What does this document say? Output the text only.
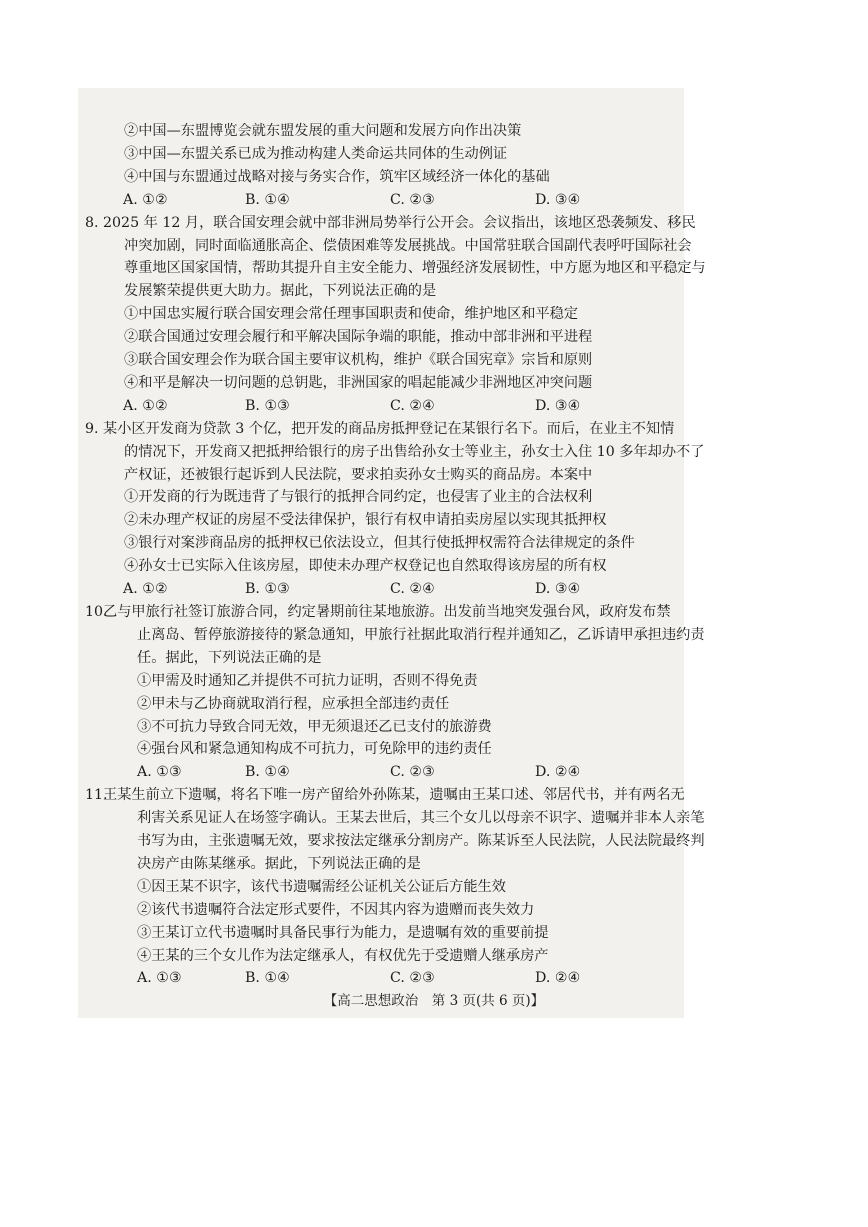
②中国—东盟博览会就东盟发展的重大问题和发展方向作出决策
③中国—东盟关系已成为推动构建人类命运共同体的生动例证
④中国与东盟通过战略对接与务实合作，筑牢区域经济一体化的基础
A. ①②	B. ①④	C. ②③	D. ③④
8. 2025 年 12 月，联合国安理会就中部非洲局势举行公开会。会议指出，该地区恐袭频发、移民
冲突加剧，同时面临通胀高企、偿债困难等发展挑战。中国常驻联合国副代表呼吁国际社会
尊重地区国家国情，帮助其提升自主安全能力、增强经济发展韧性，中方愿为地区和平稳定与
发展繁荣提供更大助力。据此，下列说法正确的是
①中国忠实履行联合国安理会常任理事国职责和使命，维护地区和平稳定
②联合国通过安理会履行和平解决国际争端的职能，推动中部非洲和平进程
③联合国安理会作为联合国主要审议机构，维护《联合国宪章》宗旨和原则
④和平是解决一切问题的总钥匙，非洲国家的唱起能减少非洲地区冲突问题
A. ①②	B. ①③	C. ②④	D. ③④
9. 某小区开发商为贷款 3 个亿，把开发的商品房抵押登记在某银行名下。而后，在业主不知情
的情况下，开发商又把抵押给银行的房子出售给孙女士等业主，孙女士入住 10 多年却办不了
产权证，还被银行起诉到人民法院，要求拍卖孙女士购买的商品房。本案中
①开发商的行为既违背了与银行的抵押合同约定，也侵害了业主的合法权利
②未办理产权证的房屋不受法律保护，银行有权申请拍卖房屋以实现其抵押权
③银行对案涉商品房的抵押权已依法设立，但其行使抵押权需符合法律规定的条件
④孙女士已实际入住该房屋，即使未办理产权登记也自然取得该房屋的所有权
A. ①②	B. ①③	C. ②④	D. ③④
10.
乙与甲旅行社签订旅游合同，约定暑期前往某地旅游。出发前当地突发强台风，政府发布禁
止离岛、暂停旅游接待的紧急通知，甲旅行社据此取消行程并通知乙，乙诉请甲承担违约责
任。据此，下列说法正确的是
①甲需及时通知乙并提供不可抗力证明，否则不得免责
②甲未与乙协商就取消行程，应承担全部违约责任
③不可抗力导致合同无效，甲无须退还乙已支付的旅游费
④强台风和紧急通知构成不可抗力，可免除甲的违约责任
A. ①③	B. ①④	C. ②③	D. ②④
11.
王某生前立下遗嘱，将名下唯一房产留给外孙陈某，遗嘱由王某口述、邻居代书，并有两名无
利害关系见证人在场签字确认。王某去世后，其三个女儿以母亲不识字、遗嘱并非本人亲笔
书写为由，主张遗嘱无效，要求按法定继承分割房产。陈某诉至人民法院，人民法院最终判
决房产由陈某继承。据此，下列说法正确的是
①因王某不识字，该代书遗嘱需经公证机关公证后方能生效
②该代书遗嘱符合法定形式要件，不因其内容为遗赠而丧失效力
③王某订立代书遗嘱时具备民事行为能力，是遗嘱有效的重要前提
④王某的三个女儿作为法定继承人，有权优先于受遗赠人继承房产
A. ①③	B. ①④	C. ②③	D. ②④
【高二思想政治　第 3 页(共 6 页)】
